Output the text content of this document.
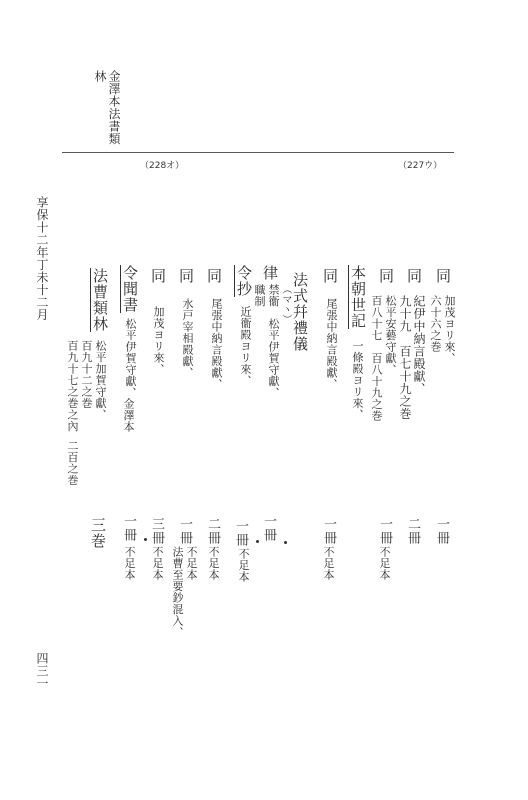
金澤本法書類
林
（228オ）	（227ウ）
享保十二年丁未十二月
四三一
同
加茂ヨリ來、
六十六之巻
一冊
同
紀伊中納言殿獻、
九十九　百七十九之巻
二冊
同
松平安藝守獻、
百八十七　百八十九之巻
一冊
不足本
本朝世記
一條殿ヨリ來、
同
尾張中納言殿獻、
一冊
不足本
法式幷禮儀
律
（マヽ）
禁衞
職制
松平伊賀守獻、
一冊
令抄
近衞殿ヨリ來、
一冊
不足本
同
尾張中納言殿獻、
二冊
不足本
同
水戸宰相殿獻、
一冊
不足本
法曹至要鈔混入、
同
加茂ヨリ來、
三冊
不足本
令聞書
松平伊賀守獻、
一冊
不足本
法曹類林
金澤本
松平加賀守獻、
百九十二之巻
百九十七之巻之內
二百之巻
三巻
